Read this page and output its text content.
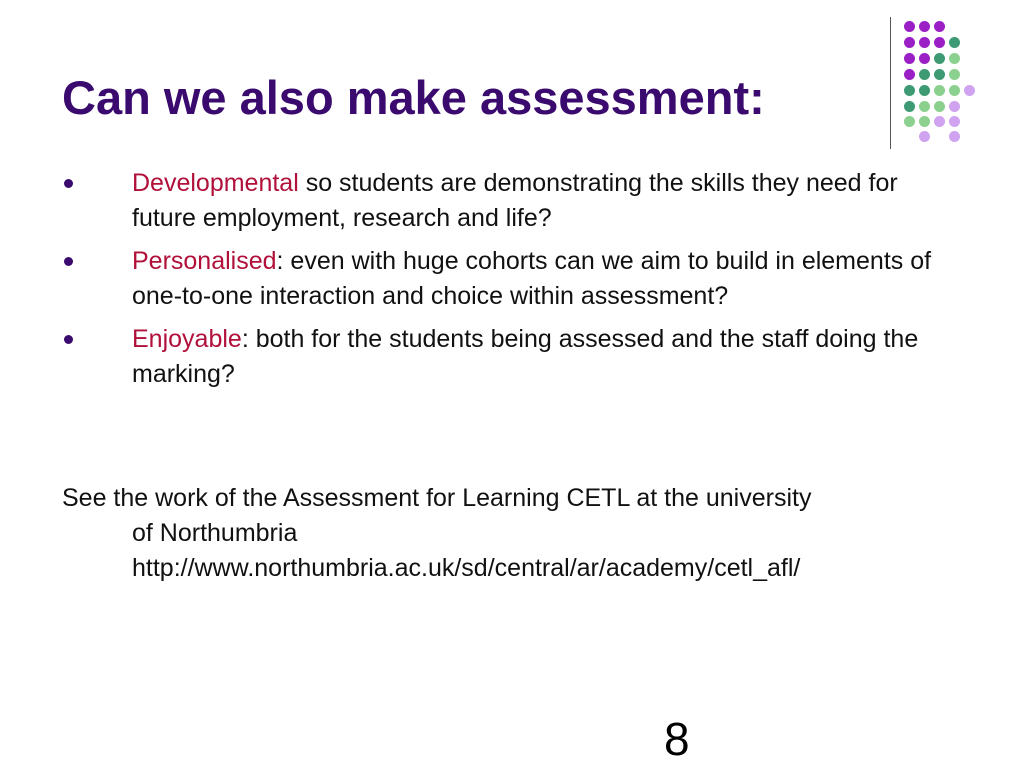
Can we also make assessment:
Developmental so students are demonstrating the skills they need for future employment, research and life?
Personalised: even with huge cohorts can we aim to build in elements of one-to-one interaction and choice within assessment?
Enjoyable: both for the students being assessed and the staff doing the marking?
See the work of the Assessment for Learning CETL at the university
of Northumbria
http://www.northumbria.ac.uk/sd/central/ar/academy/cetl_afl/
8
